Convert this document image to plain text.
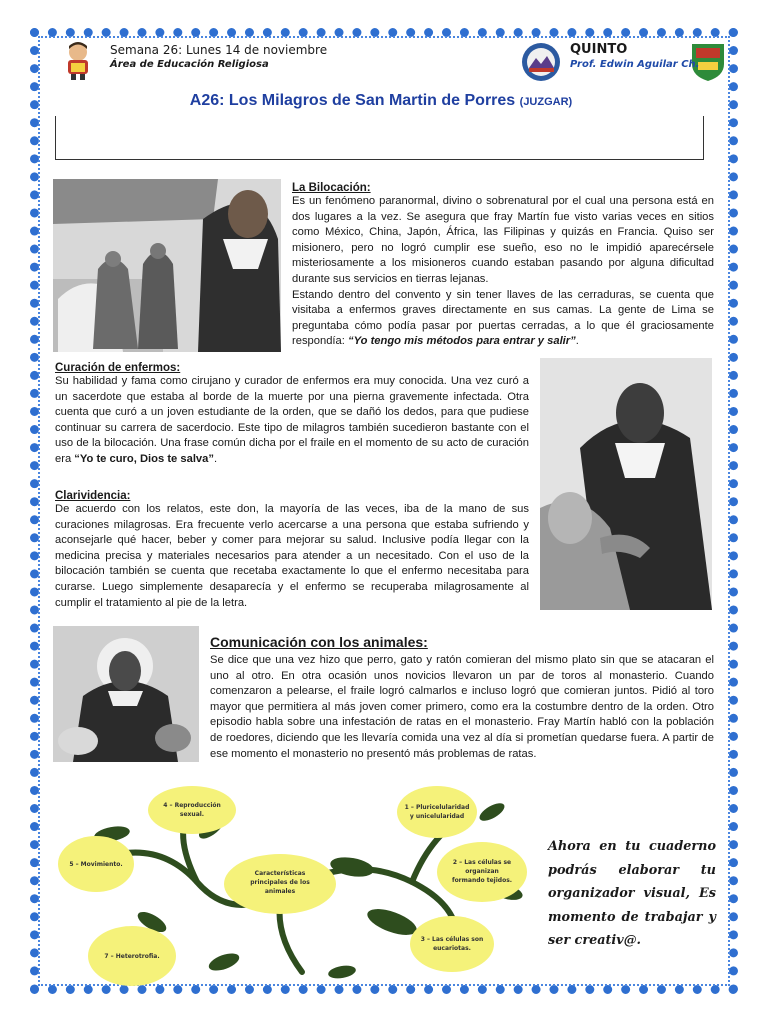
Semana 26: Lunes 14 de noviembre
Área de Educación Religiosa
QUINTO
Prof. Edwin Aguilar Ch.
A26: Los Milagros de San Martin de Porres (JUZGAR)
La Bilocación:
Es un fenómeno paranormal, divino o sobrenatural por el cual una persona está en dos lugares a la vez. Se asegura que fray Martín fue visto varias veces en sitios como México, China, Japón, África, las Filipinas y quizás en Francia. Quiso ser misionero, pero no logró cumplir ese sueño, eso no le impidió aparecérsele misteriosamente a los misioneros cuando estaban pasando por alguna dificultad durante sus servicios en tierras lejanas.
Estando dentro del convento y sin tener llaves de las cerraduras, se cuenta que visitaba a enfermos graves directamente en sus camas. La gente de Lima se preguntaba cómo podía pasar por puertas cerradas, a lo que él graciosamente respondía: “Yo tengo mis métodos para entrar y salir”.
Curación de enfermos:
Su habilidad y fama como cirujano y curador de enfermos era muy conocida. Una vez curó a un sacerdote que estaba al borde de la muerte por una pierna gravemente infectada. Otra cuenta que curó a un joven estudiante de la orden, que se dañó los dedos, para que pudiese continuar su carrera de sacerdocio. Este tipo de milagros también sucedieron bastante con el uso de la bilocación. Una frase común dicha por el fraile en el momento de su acto de curación era “Yo te curo, Dios te salva”.
Clarividencia:
De acuerdo con los relatos, este don, la mayoría de las veces, iba de la mano de sus curaciones milagrosas. Era frecuente verlo acercarse a una persona que estaba sufriendo y aconsejarle qué hacer, beber y comer para mejorar su salud. Inclusive podía llegar con la medicina precisa y materiales necesarios para atender a un necesitado. Con el uso de la bilocación también se cuenta que recetaba exactamente lo que el enfermo necesitaba para curarse. Luego simplemente desaparecía y el enfermo se recuperaba milagrosamente al cumplir el tratamiento al pie de la letra.
Comunicación con los animales:
Se dice que una vez hizo que perro, gato y ratón comieran del mismo plato sin que se atacaran el uno al otro. En otra ocasión unos novicios llevaron un par de toros al monasterio. Cuando comenzaron a pelearse, el fraile logró calmarlos e incluso logró que comieran juntos. Pidió al toro mayor que permitiera al más joven comer primero, como era la costumbre dentro de la orden. Otro episodio habla sobre una infestación de ratas en el monasterio. Fray Martín habló con la población de roedores, diciendo que les llevaría comida una vez al día si prometían quedarse fuera. A partir de ese momento el monasterio no presentó más problemas de ratas.
Características
principales de los
animales
4 – Reproducción
sexual.
1 – Pluricelularidad
y unicelularidad
5 – Movimiento.	2 – Las células se
organizan
formando tejidos.
7 – Heterotrofia.
3 – Las células son
eucariotas.
Ahora en tu cuaderno podrás elaborar tu organizador visual, Es momento de trabajar y ser creativ@.
